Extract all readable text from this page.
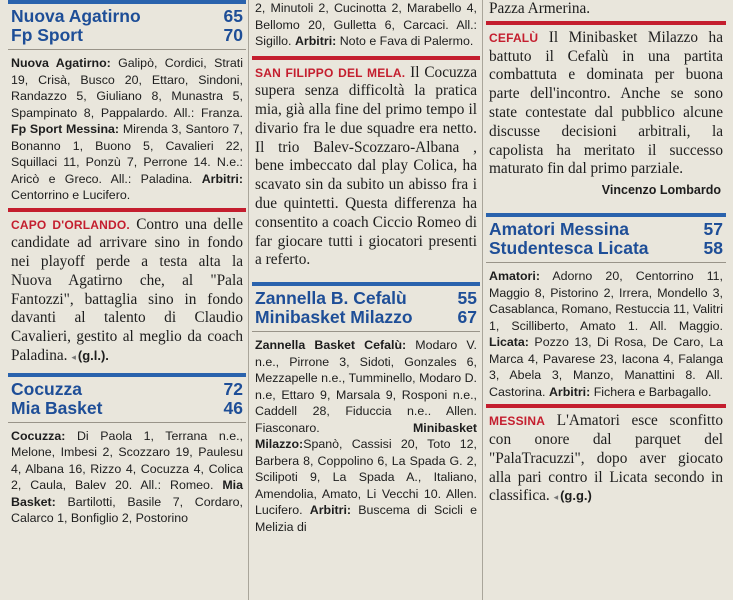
Nuova Agatirno	65
Fp Sport	70
Nuova Agatirno: Galipò, Cordici, Strati 19, Crisà, Busco 20, Ettaro, Sindoni, Randazzo 5, Giuliano 8, Munastra 5, Spampinato 8, Pappalardo. All.: Franza. Fp Sport Messina: Mirenda 3, Santoro 7, Bonanno 1, Buono 5, Cavalieri 22, Squillaci 11, Ponzù 7, Perrone 14. N.e.: Aricò e Greco. All.: Paladina. Arbitri: Centorrino e Lucifero.

CAPO D'ORLANDO. Contro una delle candidate ad arrivare sino in fondo nei playoff perde a testa alta la Nuova Agatirno che, al "Pala Fantozzi", battaglia sino in fondo davanti al talento di Claudio Cavalieri, gestito al meglio da coach Paladina. ◂ (g.l.).

Cocuzza	72
Mia Basket	46
Cocuzza: Di Paola 1, Terrana n.e., Melone, Imbesi 2, Scozzaro 19, Paulesu 4, Albana 16, Rizzo 4, Cocuzza 4, Colica 2, Caula, Balev 20. All.: Romeo. Mia Basket: Bartilotti, Basile 7, Cordaro, Calarco 1, Bonfiglio 2, Postorino
2, Minutoli 2, Cucinotta 2, Marabello 4, Bellomo 20, Gulletta 6, Carcaci. All.: Sigillo. Arbitri: Noto e Fava di Palermo.

SAN FILIPPO DEL MELA. Il Cocuzza supera senza difficoltà la pratica mia, già alla fine del primo tempo il divario fra le due squadre era netto. Il trio Balev-Scozzaro-Albana , bene imbeccato dal play Colica, ha scavato sin da subito un abisso fra i due quintetti. Questa differenza ha consentito a coach Ciccio Romeo di far giocare tutti i giocatori presenti a referto.

Zannella B. Cefalù	55
Minibasket Milazzo	67
Zannella Basket Cefalù: Modaro V. n.e., Pirrone 3, Sidoti, Gonzales 6, Mezzapelle n.e., Tumminello, Modaro D. n.e, Ettaro 9, Marsala 9, Rosponi n.e., Caddell 28, Fiduccia n.e.. Allen. Fiasconaro.	Minibasket Milazzo:Spanò, Cassisi 20, Toto 12, Barbera 8, Coppolino 6, La Spada G. 2, Scilipoti 9, La Spada A., Italiano, Amendolia, Amato, Li Vecchi 10. Allen. Lucifero. Arbitri: Buscema di Scicli e Melizia di

Pazza Armerina.

CEFALÙ Il Minibasket Milazzo ha battuto il Cefalù in una partita combattuta e dominata per buona parte dell'incontro. Anche se sono state contestate dal pubblico alcune discusse decisioni arbitrali, la capolista ha meritato il successo maturato fin dal primo parziale.

Vincenzo Lombardo
Amatori Messina	57
Studentesca Licata	58
Amatori: Adorno 20, Centorrino 11, Maggio 8, Pistorino 2, Irrera, Mondello 3, Casablanca, Romano, Restuccia 11, Valitri 1, Scilliberto, Amato 1. All. Maggio. Licata: Pozzo 13, Di Rosa, De Caro, La Marca 4, Pavarese 23, Iacona 4, Falanga 3, Abela 3, Manzo, Manattini 8. All. Castorina. Arbitri: Fichera e Barbagallo.

MESSINA L'Amatori esce sconfitto con onore dal parquet del "PalaTracuzzi", dopo aver giocato alla pari contro il Licata secondo in classifica. ◂ (g.g.)
